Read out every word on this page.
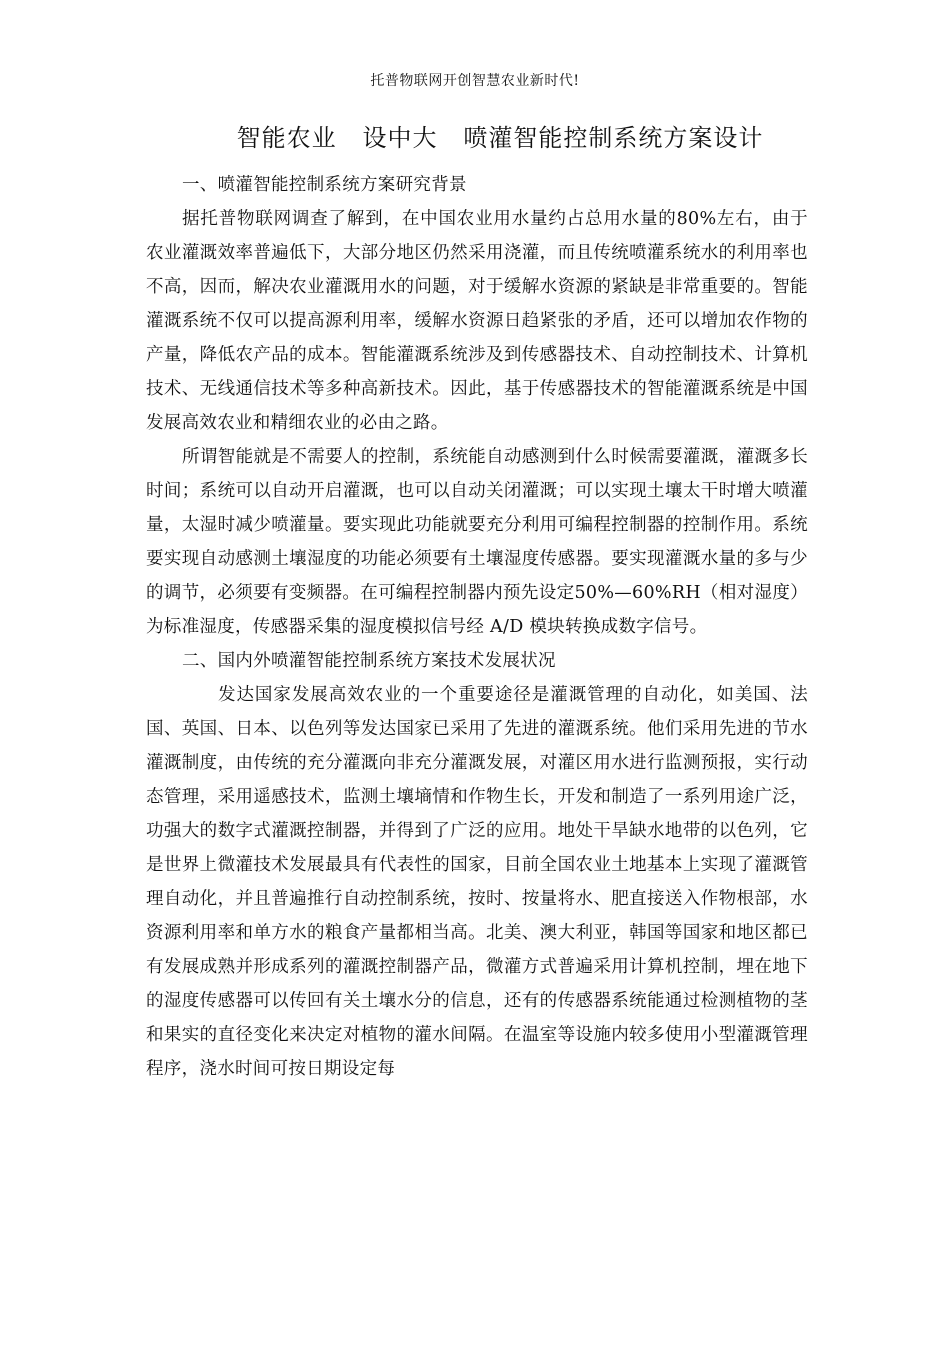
托普物联网开创智慧农业新时代!
智能农业   设中大   喷灌智能控制系统方案设计

一、喷灌智能控制系统方案研究背景

据托普物联网调查了解到，在中国农业用水量约占总用水量的80%左右，由于农业灌溉效率普遍低下，大部分地区仍然采用浇灌，而且传统喷灌系统水的利用率也不高，因而，解决农业灌溉用水的问题，对于缓解水资源的紧缺是非常重要的。智能灌溉系统不仅可以提高源利用率，缓解水资源日趋紧张的矛盾，还可以增加农作物的产量，降低农产品的成本。智能灌溉系统涉及到传感器技术、自动控制技术、计算机技术、无线通信技术等多种高新技术。因此，基于传感器技术的智能灌溉系统是中国发展高效农业和精细农业的必由之路。

所谓智能就是不需要人的控制，系统能自动感测到什么时候需要灌溉，灌溉多长时间；系统可以自动开启灌溉，也可以自动关闭灌溉；可以实现土壤太干时增大喷灌量，太湿时减少喷灌量。要实现此功能就要充分利用可编程控制器的控制作用。系统要实现自动感测土壤湿度的功能必须要有土壤湿度传感器。要实现灌溉水量的多与少的调节，必须要有变频器。在可编程控制器内预先设定50%—60%RH（相对湿度）为标准湿度，传感器采集的湿度模拟信号经 A/D 模块转换成数字信号。

二、国内外喷灌智能控制系统方案技术发展状况

发达国家发展高效农业的一个重要途径是灌溉管理的自动化，如美国、法国、英国、日本、以色列等发达国家已采用了先进的灌溉系统。他们采用先进的节水灌溉制度，由传统的充分灌溉向非充分灌溉发展，对灌区用水进行监测预报，实行动态管理，采用遥感技术，监测土壤墒情和作物生长，开发和制造了一系列用途广泛，功强大的数字式灌溉控制器，并得到了广泛的应用。地处干旱缺水地带的以色列，它是世界上微灌技术发展最具有代表性的国家，目前全国农业土地基本上实现了灌溉管理自动化，并且普遍推行自动控制系统，按时、按量将水、肥直接送入作物根部，水资源利用率和单方水的粮食产量都相当高。北美、澳大利亚，韩国等国家和地区都已有发展成熟并形成系列的灌溉控制器产品，微灌方式普遍采用计算机控制，埋在地下的湿度传感器可以传回有关土壤水分的信息，还有的传感器系统能通过检测植物的茎和果实的直径变化来决定对植物的灌水间隔。在温室等设施内较多使用小型灌溉管理程序，浇水时间可按日期设定每
